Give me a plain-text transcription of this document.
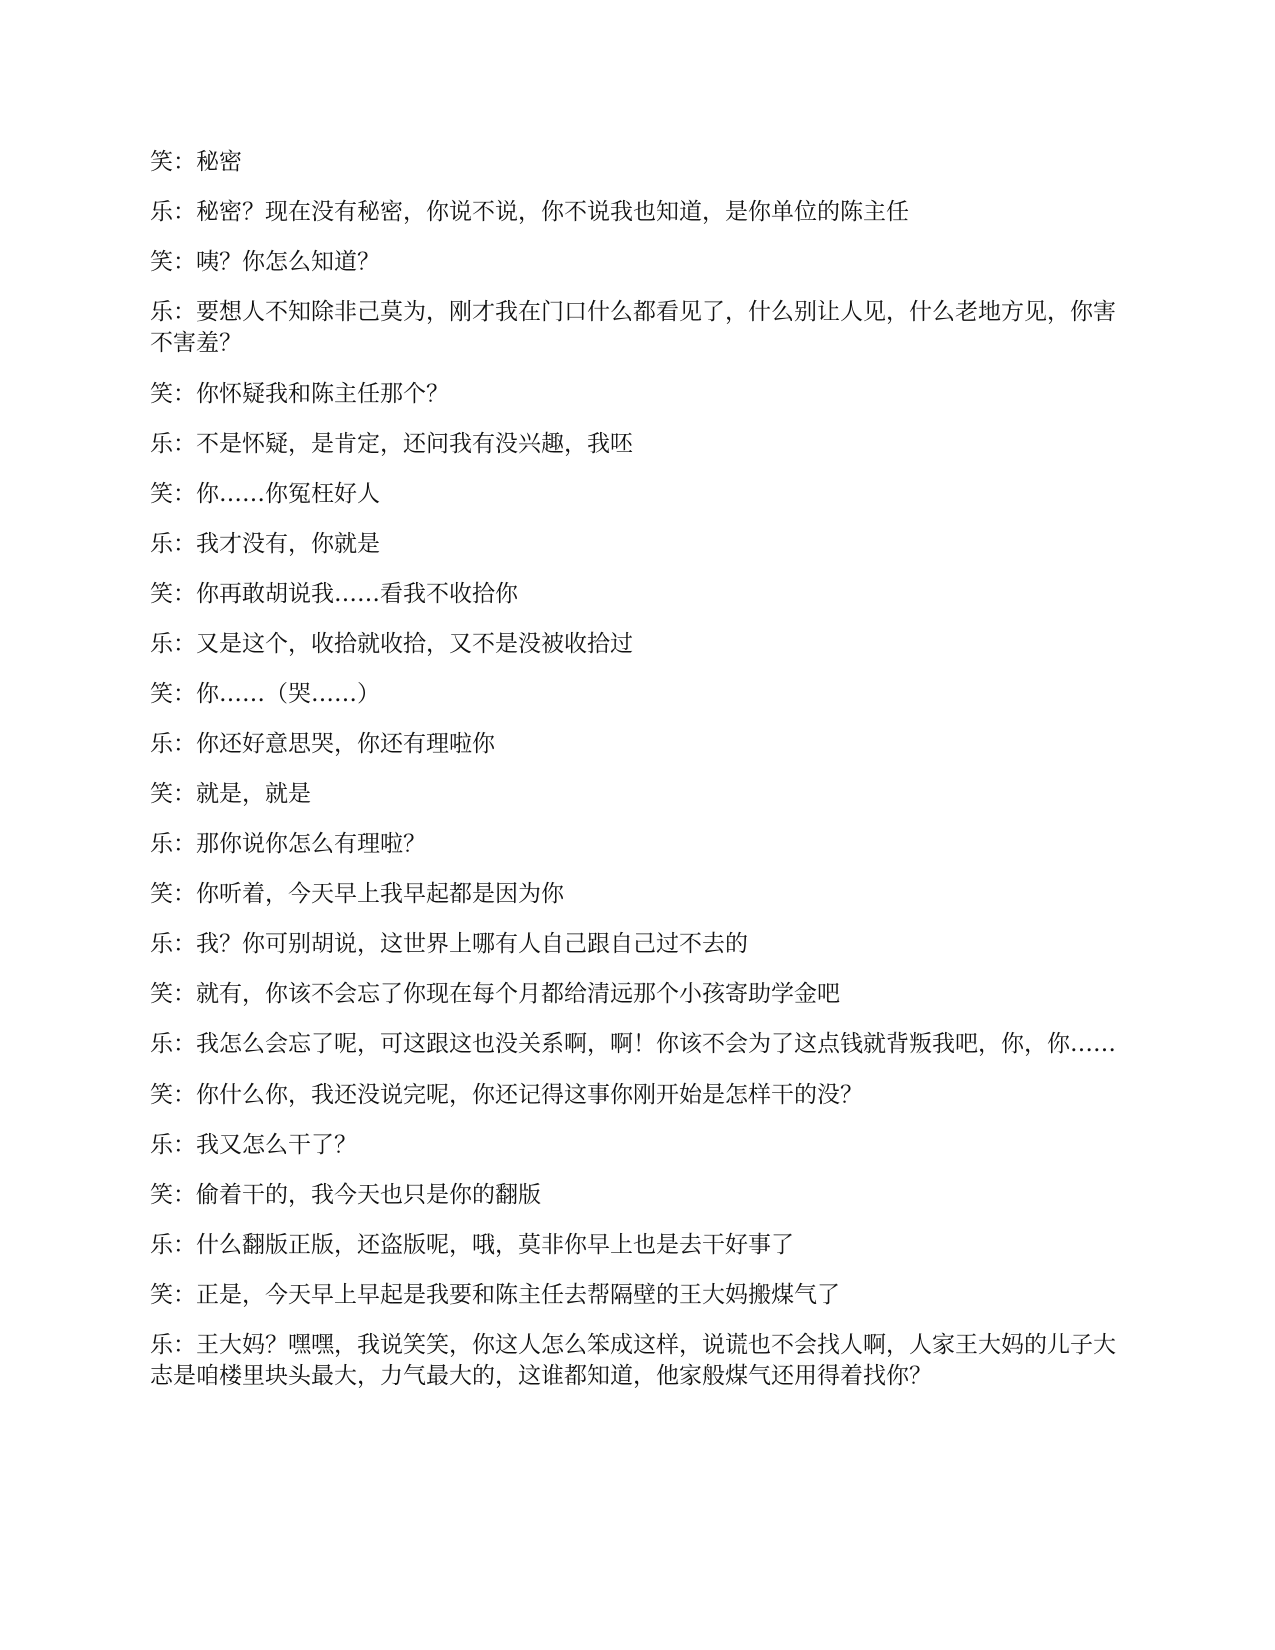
笑：秘密

乐：秘密？现在没有秘密，你说不说，你不说我也知道，是你单位的陈主任

笑：咦？你怎么知道？

乐：要想人不知除非己莫为，刚才我在门口什么都看见了，什么别让人见，什么老地方见，你害不害羞？

笑：你怀疑我和陈主任那个？

乐：不是怀疑，是肯定，还问我有没兴趣，我呸

笑：你……你冤枉好人

乐：我才没有，你就是

笑：你再敢胡说我……看我不收拾你

乐：又是这个，收拾就收拾，又不是没被收拾过

笑：你……（哭……）

乐：你还好意思哭，你还有理啦你

笑：就是，就是

乐：那你说你怎么有理啦？

笑：你听着，今天早上我早起都是因为你

乐：我？你可别胡说，这世界上哪有人自己跟自己过不去的

笑：就有，你该不会忘了你现在每个月都给清远那个小孩寄助学金吧

乐：我怎么会忘了呢，可这跟这也没关系啊，啊！你该不会为了这点钱就背叛我吧，你，你……

笑：你什么你，我还没说完呢，你还记得这事你刚开始是怎样干的没？

乐：我又怎么干了？

笑：偷着干的，我今天也只是你的翻版

乐：什么翻版正版，还盗版呢，哦，莫非你早上也是去干好事了

笑：正是，今天早上早起是我要和陈主任去帮隔壁的王大妈搬煤气了

乐：王大妈？嘿嘿，我说笑笑，你这人怎么笨成这样，说谎也不会找人啊，人家王大妈的儿子大志是咱楼里块头最大，力气最大的，这谁都知道，他家般煤气还用得着找你？
